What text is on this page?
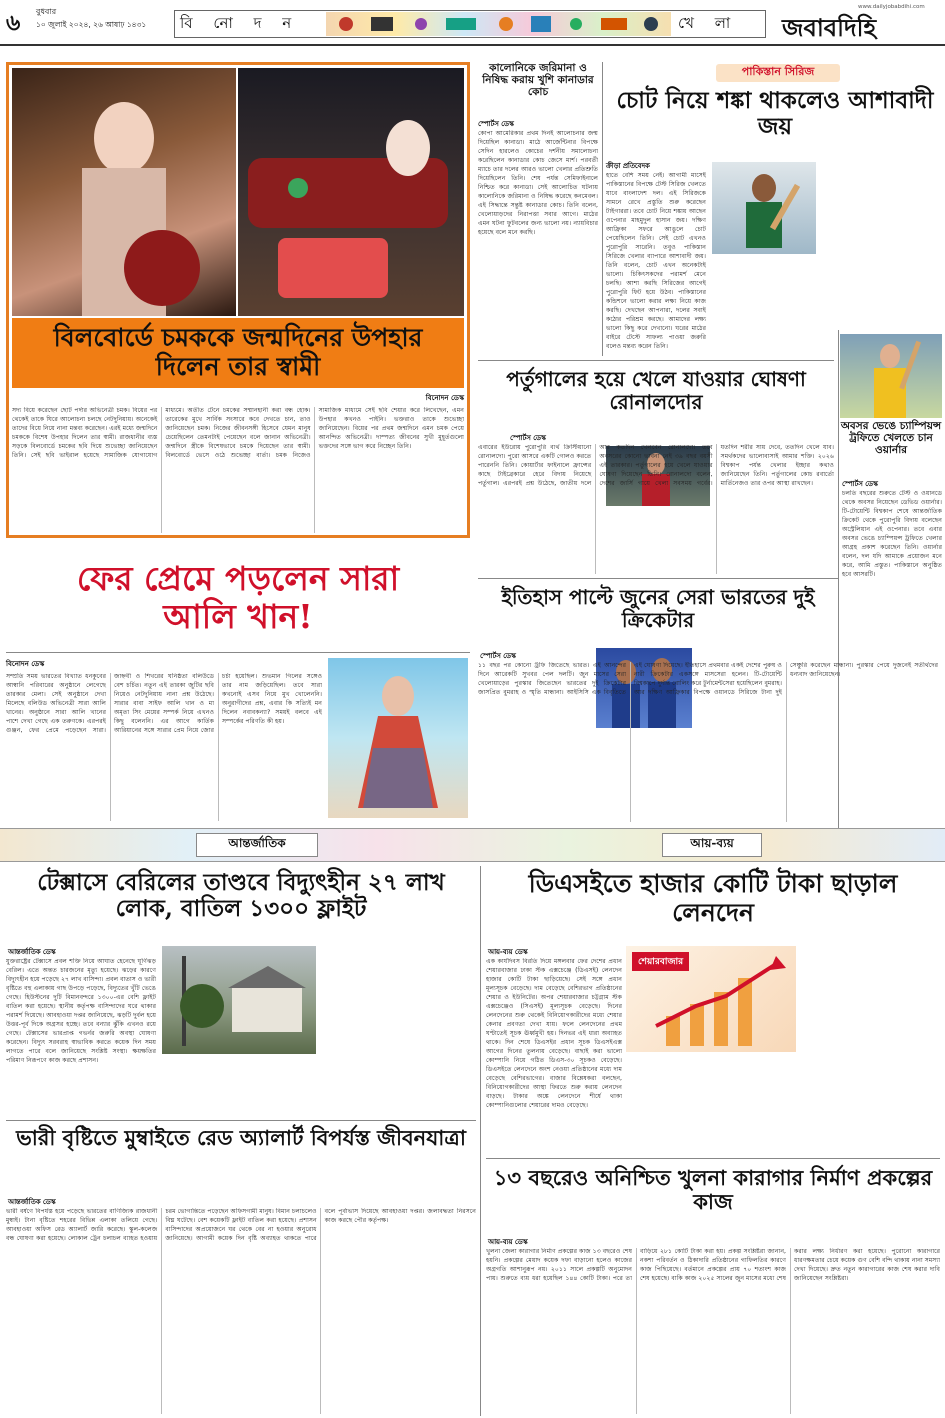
৬ বুধবার
১০ জুলাই ২০২৪, ২৬ আষাঢ় ১৪৩১ বি নো দ ন	খে লা জবাবদিহি
www.dailyjobabdihi.com
বিলবোর্ডে চমককে জন্মদিনের উপহার দিলেন তার স্বামী
বিনোদন ডেস্ক
সদ্য বিয়ে করেছেন ছোট পর্দার অভিনেত্রী চমক। বিয়ের পর থেকেই তাকে ঘিরে আলোচনা চলছে নেটদুনিয়ায়। অনেকেই তাদের বিয়ে নিয়ে নানা মন্তব্য করেছেন। এরই মধ্যে জন্মদিনে চমককে বিশেষ উপহার দিলেন তার স্বামী। রাজধানীর ব্যস্ত সড়কে বিলবোর্ডে চমকের ছবি দিয়ে শুভেচ্ছা জানিয়েছেন তিনি। সেই ছবি ভাইরাল হয়েছে সামাজিক যোগাযোগ মাধ্যমে। অতীত টেনে চমকের সম্মানহানী করা বন্ধ হোক। তারেকের মুখে সার্বিক সংসারে কবে দেখতে চান, তাও জানিয়েছেন চমক। নিজের জীবনসঙ্গী হিসেবে যেমন মানুষ চেয়েছিলেন তেমনটাই পেয়েছেন বলে জানান অভিনেত্রী। জন্মদিনে স্ত্রীকে বিশেষভাবে চমকে দিয়েছেন তার স্বামী। বিলবোর্ডে ভেসে ওঠে শুভেচ্ছা বার্তা। চমক নিজেও সামাজিক মাধ্যমে সেই ছবি শেয়ার করে লিখেছেন, এমন উপহার কখনও পাইনি। ভক্তরাও তাকে শুভেচ্ছা জানিয়েছেন। বিয়ের পর প্রথম জন্মদিনে এমন চমক পেয়ে আনন্দিত অভিনেত্রী। দাম্পত্য জীবনের সুখী মুহূর্তগুলো ভক্তদের সঙ্গে ভাগ করে নিচ্ছেন তিনি।
ফের প্রেমে পড়লেন সারা আলি খান!
বিনোদন ডেস্ক
সম্প্রতি সময় ভারতের বিখ্যাত ধনকুবের আম্বানি পরিবারের অনুষ্ঠানে লেগেছে তারকার মেলা। সেই অনুষ্ঠানে দেখা মিলেছে বলিউড অভিনেত্রী সারা আলি খানের। অনুষ্ঠানে সারা আলি খানের পাশে দেখা গেছে এক তরুণকে। এরপরই গুঞ্জন, ফের প্রেমে পড়েছেন সারা। জাহ্নবী ও শিখরের ঘনিষ্ঠতা বলিউডে বেশ চর্চিত। নতুন এই তারকা জুটির ছবি নিয়েও নেটদুনিয়ায় নানা প্রশ্ন উঠেছে। সারার বাবা সাইফ আলি খান ও মা অমৃতা সিং মেয়ের সম্পর্ক নিয়ে এখনও কিছু বলেননি। এর আগে কার্তিক আরিয়ানের সঙ্গে সারার প্রেম নিয়ে জোর চর্চা হয়েছিল। শুভমান গিলের সঙ্গেও তার নাম জড়িয়েছিল। তবে সারা কখনোই এসব নিয়ে মুখ খোলেননি। অনুরাগীদের প্রশ্ন, এবার কি সত্যিই মন দিলেন নবাবকন্যা? সময়ই বলবে এই সম্পর্কের পরিণতি কী হয়।
কালোনিকে জরিমানা ও নিষিদ্ধ করায় খুশি কানাডার কোচ
স্পোর্টস ডেস্ক
কোপা আমেরিকার প্রথম দিনই আলোচনার জন্ম দিয়েছিল কানাডা। মাঠে আর্জেন্টিনার বিপক্ষে সেদিন হারলেও কোচের দর্শনীয় সমালোচনা করেছিলেন কানাডার কোচ জেসে মার্শ। পরবর্তী ম্যাচে তার দলের আরও ভালো খেলার প্রতিশ্রুতি দিয়েছিলেন তিনি। শেষ পর্যন্ত সেমিফাইনালে নিশ্চিত করে কানাডা। সেই আলোচিত ঘটনায় কালোনিকে জরিমানা ও নিষিদ্ধ করেছে কনমেবল। এই সিদ্ধান্তে সন্তুষ্ট কানাডার কোচ। তিনি বলেন, খেলোয়াড়দের নিরাপত্তা সবার আগে। মাঠের এমন ঘটনা ফুটবলের জন্য ভালো নয়। ন্যায়বিচার হয়েছে বলে মনে করছি।
পাকিস্তান সিরিজ
চোট নিয়ে শঙ্কা থাকলেও আশাবাদী জয়
ক্রীড়া প্রতিবেদক
হাতে বেশি সময় নেই। আগামী মাসেই পাকিস্তানের বিপক্ষে টেস্ট সিরিজ খেলতে যাবে বাংলাদেশ দল। এই সিরিজকে সামনে রেখে প্রস্তুতি শুরু করেছেন টাইগাররা। তবে চোট নিয়ে শঙ্কায় আছেন ওপেনার মাহমুদুল হাসান জয়। দক্ষিণ আফ্রিকা সফরে আঙুলে চোট পেয়েছিলেন তিনি। সেই চোট এখনও পুরোপুরি সারেনি। তবুও পাকিস্তান সিরিজে খেলার ব্যাপারে আশাবাদী জয়। তিনি বলেন, চোট এখন অনেকটাই ভালো। চিকিৎসকদের পরামর্শ মেনে চলছি। আশা করছি সিরিজের আগেই পুরোপুরি ফিট হয়ে উঠব। পাকিস্তানের কন্ডিশনে ভালো করার লক্ষ্য নিয়ে কাজ করছি। দেখছেন আপনারা, দলের সবাই কঠোর পরিশ্রম করছে। আমাদের লক্ষ্য ভালো কিছু করে দেখানো। ঘরের মাঠের বাইরে টেস্টে সাফল্য পাওয়া জরুরি বলেও মন্তব্য করেন তিনি।
পর্তুগালের হয়ে খেলে যাওয়ার ঘোষণা রোনালদোর
স্পোর্টস ডেস্ক
এবারের ইউরোয় পুরোপুরি ব্যর্থ ক্রিস্টিয়ানো রোনালদো। পুরো আসরে একটি গোলও করতে পারেননি তিনি। কোয়ার্টার ফাইনালে ফ্রান্সের কাছে টাইব্রেকারে হেরে বিদায় নিয়েছে পর্তুগাল। এরপরই প্রশ্ন উঠেছে, জাতীয় দলে আর কতদিন খেলবেন রোনালদো। তবে অবসরের কোনো ভাবনা নেই ৩৯ বছর বয়সী এই তারকার। পর্তুগালের হয়ে খেলে যাওয়ার ঘোষণা দিয়েছেন তিনি। রোনালদো বলেন, দেশের জার্সি গায়ে খেলা সবসময় গর্বের। যতদিন শরীর সায় দেবে, ততদিন খেলে যাব। সমর্থকদের ভালোবাসাই আমার শক্তি। ২০২৬ বিশ্বকাপ পর্যন্ত খেলার ইচ্ছার কথাও জানিয়েছেন তিনি। পর্তুগালের কোচ রবার্তো মার্তিনেজও তার ওপর আস্থা রাখছেন।
অবসর ভেঙে চ্যাম্পিয়ন্স ট্রফিতে খেলতে চান ওয়ার্নার
স্পোর্টস ডেস্ক
চলতি বছরের শুরুতে টেস্ট ও ওয়ানডে থেকে অবসর নিয়েছেন ডেভিড ওয়ার্নার। টি-টোয়েন্টি বিশ্বকাপ শেষে আন্তর্জাতিক ক্রিকেট থেকে পুরোপুরি বিদায় বলেছেন অস্ট্রেলিয়ান এই ওপেনার। তবে এবার অবসর ভেঙে চ্যাম্পিয়ন্স ট্রফিতে খেলার আগ্রহ প্রকাশ করেছেন তিনি। ওয়ার্নার বলেন, দল যদি আমাকে প্রয়োজন মনে করে, আমি প্রস্তুত। পাকিস্তানে অনুষ্ঠিত হবে আসরটি।
ইতিহাস পাল্টে জুনের সেরা ভারতের দুই ক্রিকেটার
স্পোর্টস ডেস্ক
১১ বছর পর কোনো ট্রফি জিতেছে ভারত। এই আনন্দের দিনে আরেকটি সুখবর পেল দলটি। জুন মাসের সেরা খেলোয়াড়ের পুরস্কার জিতেছেন ভারতের দুই ক্রিকেটার জাসপ্রিত বুমরাহ ও স্মৃতি মান্ধানা। আইসিসি এক বিবৃতিতে এই ঘোষণা দিয়েছে। ইতিহাসে প্রথমবার একই দেশের পুরুষ ও নারী ক্রিকেটার একসঙ্গে মাসসেরা হলেন। টি-টোয়েন্টি বিশ্বকাপে দুর্দান্ত বোলিং করে টুর্নামেন্টসেরা হয়েছিলেন বুমরাহ। আর দক্ষিণ আফ্রিকার বিপক্ষে ওয়ানডে সিরিজে টানা দুই সেঞ্চুরি করেছেন মান্ধানা। পুরস্কার পেয়ে দুজনেই সতীর্থদের ধন্যবাদ জানিয়েছেন।
আন্তর্জাতিক	আয়-ব্যয়
টেক্সাসে বেরিলের তাণ্ডবে বিদ্যুৎহীন ২৭ লাখ লোক, বাতিল ১৩০০ ফ্লাইট
আন্তর্জাতিক ডেস্ক
যুক্তরাষ্ট্রের টেক্সাসে প্রবল শক্তি নিয়ে আঘাত হেনেছে ঘূর্ণিঝড় বেরিল। এতে অন্তত চারজনের মৃত্যু হয়েছে। ঝড়ের কারণে বিদ্যুৎহীন হয়ে পড়েছে ২৭ লাখ বাসিন্দা। প্রবল বাতাস ও ভারী বৃষ্টিতে বহু এলাকায় গাছ উপড়ে পড়েছে, বিদ্যুতের খুঁটি ভেঙে গেছে। হিউস্টনের দুটি বিমানবন্দরে ১৩০০-এর বেশি ফ্লাইট বাতিল করা হয়েছে। স্থানীয় কর্তৃপক্ষ বাসিন্দাদের ঘরে থাকার পরামর্শ দিয়েছে। আবহাওয়া দপ্তর জানিয়েছে, ঝড়টি দুর্বল হয়ে উত্তর-পূর্ব দিকে অগ্রসর হচ্ছে। তবে বন্যার ঝুঁকি এখনও রয়ে গেছে। টেক্সাসের ভারপ্রাপ্ত গভর্নর জরুরি অবস্থা ঘোষণা করেছেন। বিদ্যুৎ সরবরাহ স্বাভাবিক করতে কয়েক দিন সময় লাগতে পারে বলে জানিয়েছে সংশ্লিষ্ট সংস্থা। ক্ষয়ক্ষতির পরিমাণ নিরূপণে কাজ করছে প্রশাসন।
ভারী বৃষ্টিতে মুম্বাইতে রেড অ্যালার্ট বিপর্যস্ত জীবনযাত্রা
আন্তর্জাতিক ডেস্ক
ভারী বর্ষণে বিপর্যস্ত হয়ে পড়েছে ভারতের বাণিজ্যিক রাজধানী মুম্বাই। টানা বৃষ্টিতে শহরের বিভিন্ন এলাকা তলিয়ে গেছে। আবহাওয়া অফিস রেড অ্যালার্ট জারি করেছে। স্কুল-কলেজ বন্ধ ঘোষণা করা হয়েছে। লোকাল ট্রেন চলাচল ব্যাহত হওয়ায় চরম ভোগান্তিতে পড়েছেন অফিসগামী মানুষ। বিমান চলাচলেও বিঘ্ন ঘটেছে। বেশ কয়েকটি ফ্লাইট বাতিল করা হয়েছে। প্রশাসন বাসিন্দাদের অপ্রয়োজনে ঘর থেকে বের না হওয়ার অনুরোধ জানিয়েছে। আগামী কয়েক দিন বৃষ্টি অব্যাহত থাকতে পারে বলে পূর্বাভাস দিয়েছে আবহাওয়া দপ্তর। জলাবদ্ধতা নিরসনে কাজ করছে পৌর কর্তৃপক্ষ।
ডিএসইতে হাজার কোটি টাকা ছাড়াল লেনদেন
আয়-ব্যয় ডেস্ক
শেয়ারবাজার
এক কার্যদিবস বিরতি দিয়ে মঙ্গলবার ফের দেশের প্রধান শেয়ারবাজার ঢাকা স্টক এক্সচেঞ্জে (ডিএসই) লেনদেন হাজার কোটি টাকা ছাড়িয়েছে। সেই সঙ্গে প্রধান মূল্যসূচক বেড়েছে। দাম বেড়েছে বেশিরভাগ প্রতিষ্ঠানের শেয়ার ও ইউনিটের। অপর শেয়ারবাজার চট্টগ্রাম স্টক এক্সচেঞ্জেও (সিএসই) মূল্যসূচক বেড়েছে। দিনের লেনদেনের শুরু থেকেই বিনিয়োগকারীদের মধ্যে শেয়ার কেনার প্রবণতা দেখা যায়। ফলে লেনদেনের প্রথম ঘণ্টাতেই সূচক ঊর্ধ্বমুখী হয়। দিনভর এই ধারা অব্যাহত থাকে। দিন শেষে ডিএসইর প্রধান সূচক ডিএসইএক্স আগের দিনের তুলনায় বেড়েছে। বাছাই করা ভালো কোম্পানি নিয়ে গঠিত ডিএস-৩০ সূচকও বেড়েছে। ডিএসইতে লেনদেনে অংশ নেওয়া প্রতিষ্ঠানের মধ্যে দাম বেড়েছে বেশিরভাগের। বাজার বিশ্লেষকরা বলছেন, বিনিয়োগকারীদের আস্থা ফিরতে শুরু করায় লেনদেন বাড়ছে। টাকার অঙ্কে লেনদেনে শীর্ষে থাকা কোম্পানিগুলোর শেয়ারের দামও বেড়েছে।
১৩ বছরেও অনিশ্চিত খুলনা কারাগার নির্মাণ প্রকল্পের কাজ
আয়-ব্যয় ডেস্ক
খুলনা জেলা কারাগার নির্মাণ প্রকল্পের কাজ ১৩ বছরেও শেষ হয়নি। প্রকল্পের মেয়াদ কয়েক দফা বাড়ানো হলেও কাজের অগ্রগতি আশানুরূপ নয়। ২০১১ সালে প্রকল্পটি অনুমোদন পায়। শুরুতে ব্যয় ধরা হয়েছিল ১৪৪ কোটি টাকা। পরে তা বাড়িয়ে ২৮১ কোটি টাকা করা হয়। প্রকল্প সংশ্লিষ্টরা জানান, নকশা পরিবর্তন ও ঠিকাদারি প্রতিষ্ঠানের গাফিলতির কারণে কাজ পিছিয়েছে। বর্তমানে প্রকল্পের প্রায় ৭০ শতাংশ কাজ শেষ হয়েছে। বাকি কাজ ২০২৫ সালের জুন মাসের মধ্যে শেষ করার লক্ষ্য নির্ধারণ করা হয়েছে। পুরোনো কারাগারে ধারণক্ষমতার চেয়ে কয়েক গুণ বেশি বন্দি থাকায় নানা সমস্যা দেখা দিয়েছে। দ্রুত নতুন কারাগারের কাজ শেষ করার দাবি জানিয়েছেন সংশ্লিষ্টরা।
